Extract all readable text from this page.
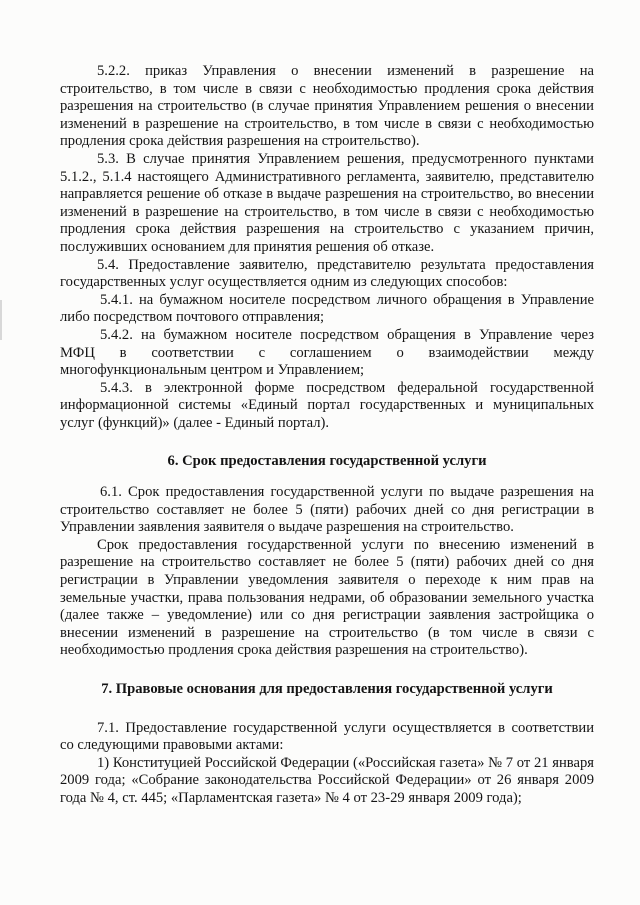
5.2.2. приказ Управления о внесении изменений в разрешение на строительство, в том числе в связи с необходимостью продления срока действия разрешения на строительство (в случае принятия Управлением решения о внесении изменений в разрешение на строительство, в том числе в связи с необходимостью продления срока действия разрешения на строительство).

5.3. В случае принятия Управлением решения, предусмотренного пунктами 5.1.2., 5.1.4 настоящего Административного регламента, заявителю, представителю направляется решение об отказе в выдаче разрешения на строительство, во внесении изменений в разрешение на строительство, в том числе в связи с необходимостью продления срока действия разрешения на строительство с указанием причин, послуживших основанием для принятия решения об отказе.

5.4. Предоставление заявителю, представителю результата предоставления государственных услуг осуществляется одним из следующих способов:

5.4.1. на бумажном носителе посредством личного обращения в Управление либо посредством почтового отправления;

5.4.2. на бумажном носителе посредством обращения в Управление через МФЦ в соответствии с соглашением о взаимодействии между многофункциональным центром и Управлением;

5.4.3. в электронной форме посредством федеральной государственной информационной системы «Единый портал государственных и муниципальных услуг (функций)» (далее - Единый портал).

6. Срок предоставления государственной услуги

6.1. Срок предоставления государственной услуги по выдаче разрешения на строительство составляет не более 5 (пяти) рабочих дней со дня регистрации в Управлении заявления заявителя о выдаче разрешения на строительство.

Срок предоставления государственной услуги по внесению изменений в разрешение на строительство составляет не более 5 (пяти) рабочих дней со дня регистрации в Управлении уведомления заявителя о переходе к ним прав на земельные участки, права пользования недрами, об образовании земельного участка (далее также – уведомление) или со дня регистрации заявления застройщика о внесении изменений в разрешение на строительство (в том числе в связи с необходимостью продления срока действия разрешения на строительство).

7. Правовые основания для предоставления государственной услуги

7.1. Предоставление государственной услуги осуществляется в соответствии со следующими правовыми актами:

1) Конституцией Российской Федерации («Российская газета» № 7 от 21 января 2009 года; «Собрание законодательства Российской Федерации» от 26 января 2009 года № 4, ст. 445; «Парламентская газета» № 4 от 23-29 января 2009 года);
